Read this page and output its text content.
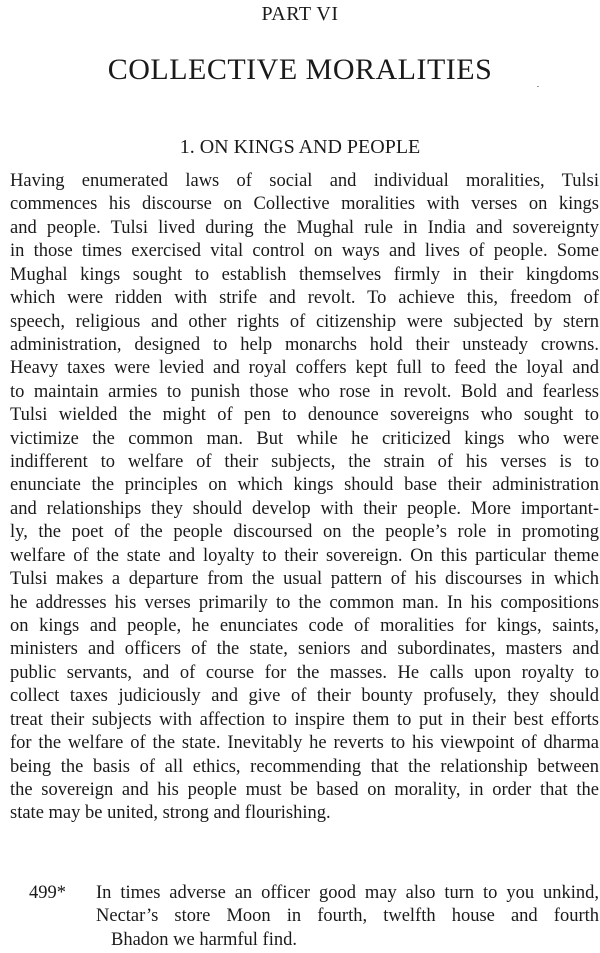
PART VI
COLLECTIVE MORALITIES
1. ON KINGS AND PEOPLE
Having enumerated laws of social and individual moralities, Tulsi
commences his discourse on Collective moralities with verses on kings
and people. Tulsi lived during the Mughal rule in India and sovereignty
in those times exercised vital control on ways and lives of people. Some
Mughal kings sought to establish themselves firmly in their kingdoms
which were ridden with strife and revolt. To achieve this, freedom of
speech, religious and other rights of citizenship were subjected by stern
administration, designed to help monarchs hold their unsteady crowns.
Heavy taxes were levied and royal coffers kept full to feed the loyal and
to maintain armies to punish those who rose in revolt. Bold and fearless
Tulsi wielded the might of pen to denounce sovereigns who sought to
victimize the common man. But while he criticized kings who were
indifferent to welfare of their subjects, the strain of his verses is to
enunciate the principles on which kings should base their administration
and relationships they should develop with their people. More important-
ly, the poet of the people discoursed on the people’s role in promoting
welfare of the state and loyalty to their sovereign. On this particular theme
Tulsi makes a departure from the usual pattern of his discourses in which
he addresses his verses primarily to the common man. In his compositions
on kings and people, he enunciates code of moralities for kings, saints,
ministers and officers of the state, seniors and subordinates, masters and
public servants, and of course for the masses. He calls upon royalty to
collect taxes judiciously and give of their bounty profusely, they should
treat their subjects with affection to inspire them to put in their best efforts
for the welfare of the state. Inevitably he reverts to his viewpoint of dharma
being the basis of all ethics, recommending that the relationship between
the sovereign and his people must be based on morality, in order that the
state may be united, strong and flourishing.
499* In times adverse an officer good may also turn to you unkind,
Nectar’s store Moon in fourth, twelfth house and fourth
Bhadon we harmful find.
